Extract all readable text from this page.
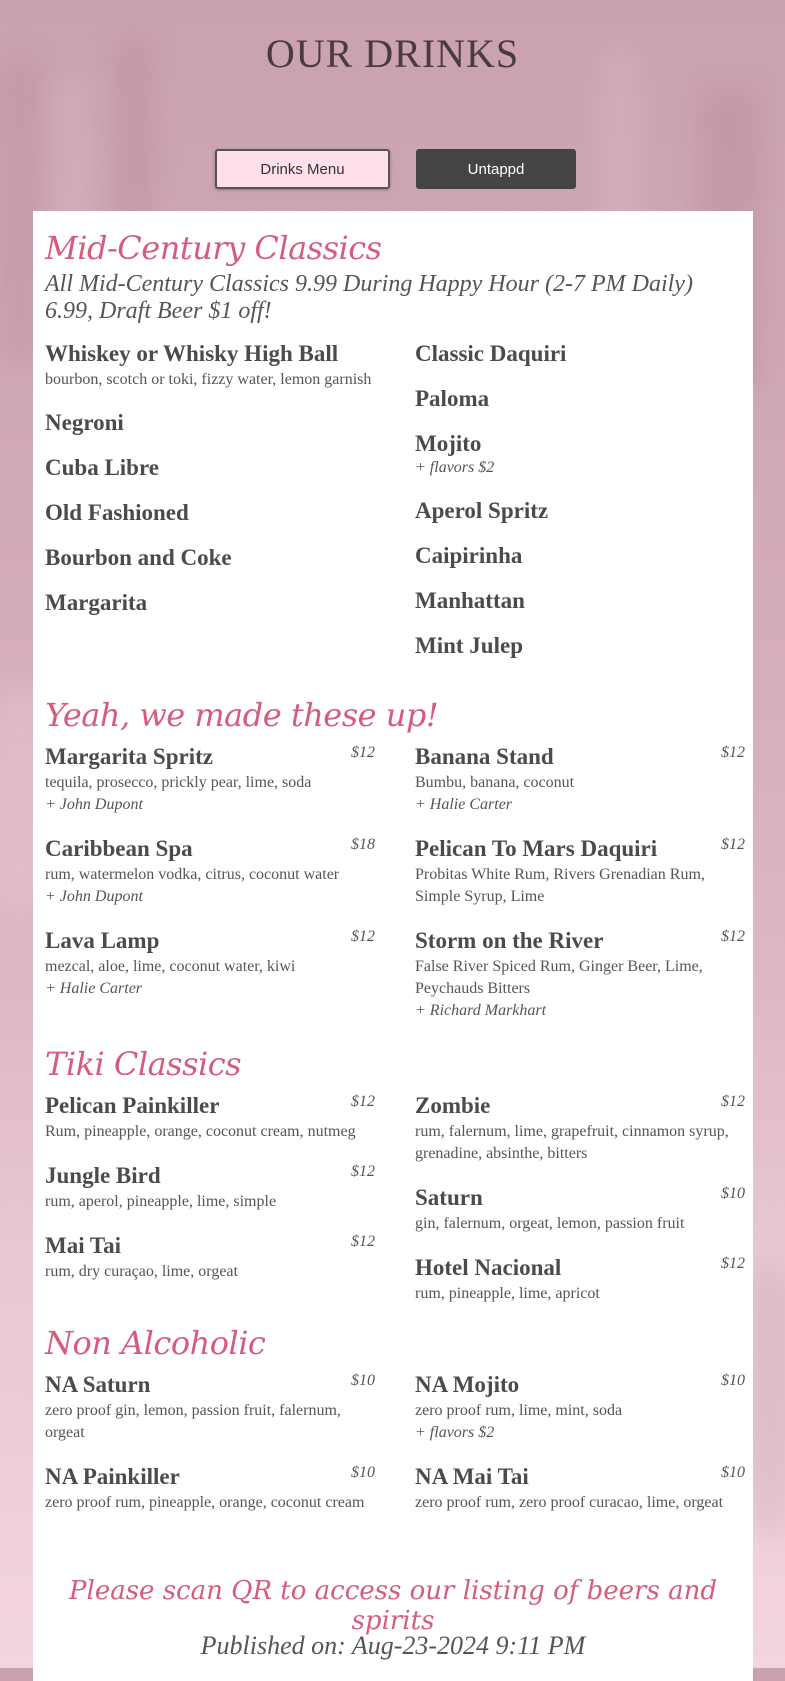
OUR DRINKS
Drinks Menu	Untappd
Mid-Century Classics

All Mid-Century Classics 9.99 During Happy Hour (2-7 PM Daily) 6.99, Draft Beer $1 off!

Whiskey or Whisky High Ball
bourbon, scotch or toki, fizzy water, lemon garnish
Negroni
Cuba Libre
Old Fashioned
Bourbon and Coke
Margarita
Classic Daquiri
Paloma
Mojito
+ flavors $2
Aperol Spritz
Caipirinha
Manhattan
Mint Julep
Yeah, we made these up!
Margarita Spritz	$12
tequila, prosecco, prickly pear, lime, soda
+ John Dupont
Caribbean Spa	$18
rum, watermelon vodka, citrus, coconut water
+ John Dupont
Lava Lamp	$12
mezcal, aloe, lime, coconut water, kiwi
+ Halie Carter
Banana Stand	$12
Bumbu, banana, coconut
+ Halie Carter
Pelican To Mars Daquiri	$12
Probitas White Rum, Rivers Grenadian Rum, Simple Syrup, Lime
Storm on the River	$12
False River Spiced Rum, Ginger Beer, Lime, Peychauds Bitters
+ Richard Markhart
Tiki Classics
Pelican Painkiller	$12
Rum, pineapple, orange, coconut cream, nutmeg
Jungle Bird	$12
rum, aperol, pineapple, lime, simple
Mai Tai	$12
rum, dry curaçao, lime, orgeat
Zombie	$12
rum, falernum, lime, grapefruit, cinnamon syrup, grenadine, absinthe, bitters
Saturn	$10
gin, falernum, orgeat, lemon, passion fruit
Hotel Nacional	$12
rum, pineapple, lime, apricot
Non Alcoholic
NA Saturn	$10
zero proof gin, lemon, passion fruit, falernum, orgeat
NA Painkiller	$10
zero proof rum, pineapple, orange, coconut cream
NA Mojito	$10
zero proof rum, lime, mint, soda
+ flavors $2
NA Mai Tai	$10
zero proof rum, zero proof curacao, lime, orgeat
Please scan QR to access our listing of beers and spirits
Published on: Aug-23-2024 9:11 PM
